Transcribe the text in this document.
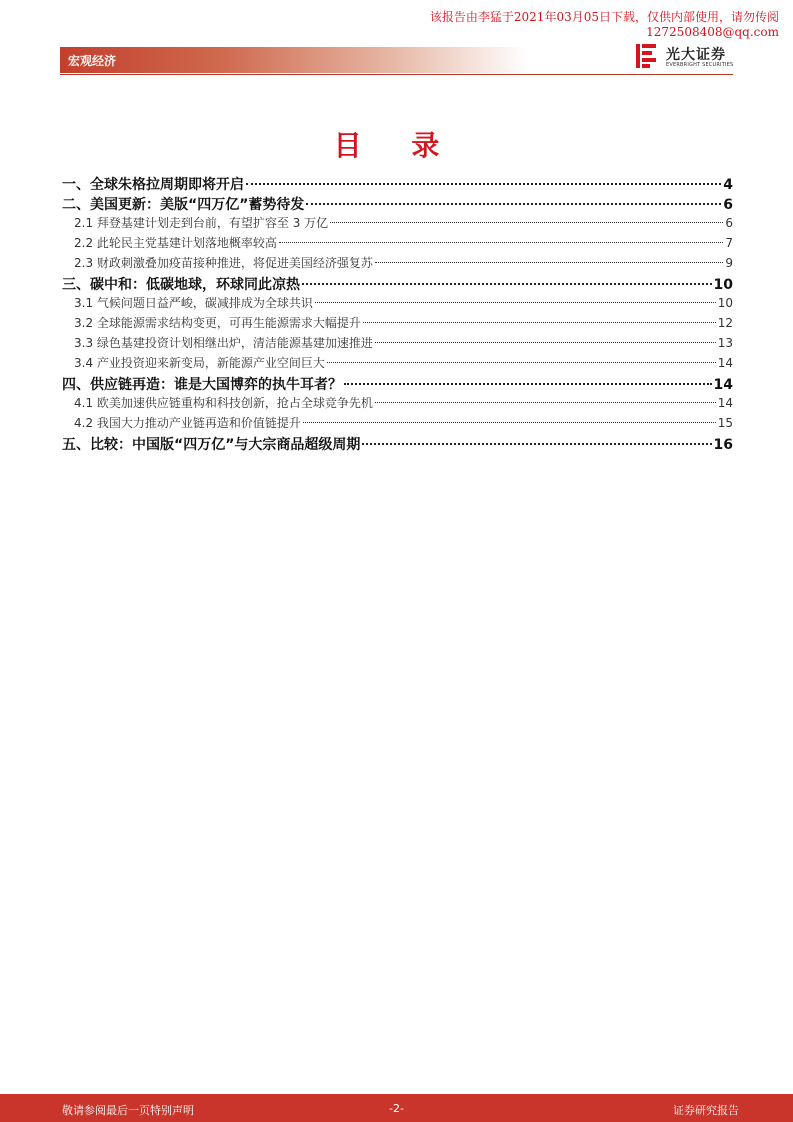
该报告由李猛于2021年03月05日下载，仅供内部使用，请勿传阅
1272508408@qq.com
宏观经济	光大证券
EVERBRIGHT SECURITIES
目 录
一、全球朱格拉周期即将开启	4
二、美国更新：美版“四万亿”蓄势待发	6
2.1 拜登基建计划走到台前，有望扩容至 3 万亿	6
2.2 此轮民主党基建计划落地概率较高	7
2.3 财政刺激叠加疫苗接种推进，将促进美国经济强复苏	9
三、碳中和：低碳地球，环球同此凉热	10
3.1 气候问题日益严峻，碳减排成为全球共识	10
3.2 全球能源需求结构变更，可再生能源需求大幅提升	12
3.3 绿色基建投资计划相继出炉，清洁能源基建加速推进	13
3.4 产业投资迎来新变局，新能源产业空间巨大	14
四、供应链再造：谁是大国博弈的执牛耳者？	14
4.1 欧美加速供应链重构和科技创新，抢占全球竞争先机	14
4.2 我国大力推动产业链再造和价值链提升	15
五、比较：中国版“四万亿”与大宗商品超级周期	16
敬请参阅最后一页特别声明	-2-	证券研究报告
